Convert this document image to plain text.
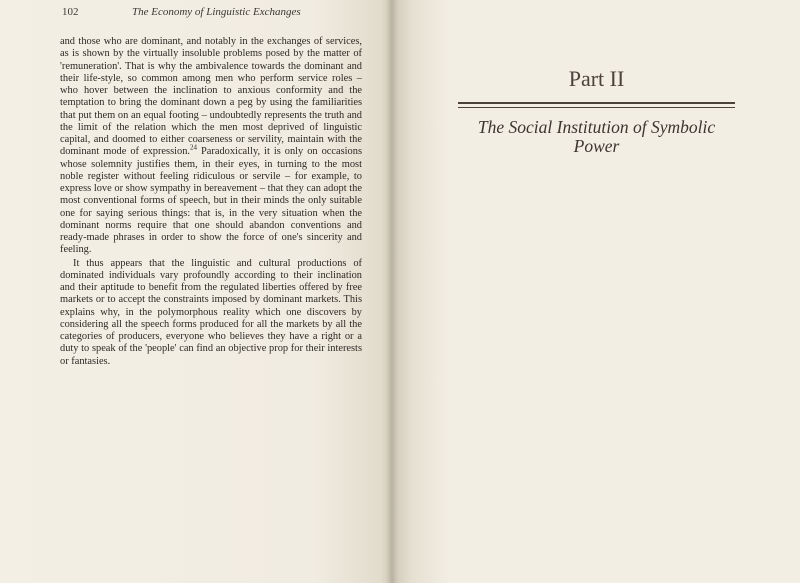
102	The Economy of Linguistic Exchanges

and those who are dominant, and notably in the exchanges of services, as is shown by the virtually insoluble problems posed by the matter of 'remuneration'. That is why the ambivalence towards the dominant and their life-style, so common among men who perform service roles – who hover between the inclination to anxious conformity and the temptation to bring the dominant down a peg by using the familiarities that put them on an equal footing – undoubtedly represents the truth and the limit of the relation which the men most deprived of linguistic capital, and doomed to either coarseness or servility, maintain with the dominant mode of expression.$^{24}$ Paradoxically, it is only on occasions whose solemnity justifies them, in their eyes, in turning to the most noble register without feeling ridiculous or servile – for example, to express love or show sympathy in bereavement – that they can adopt the most conventional forms of speech, but in their minds the only suitable one for saying serious things: that is, in the very situation when the dominant norms require that one should abandon conventions and ready-made phrases in order to show the force of one's sincerity and feeling.

It thus appears that the linguistic and cultural productions of dominated individuals vary profoundly according to their inclination and their aptitude to benefit from the regulated liberties offered by free markets or to accept the constraints imposed by dominant markets. This explains why, in the polymorphous reality which one discovers by considering all the speech forms produced for all the markets by all the categories of producers, everyone who believes they have a right or a duty to speak of the 'people' can find an objective prop for their interests or fantasies.

Part II
The Social Institution of Symbolic Power
